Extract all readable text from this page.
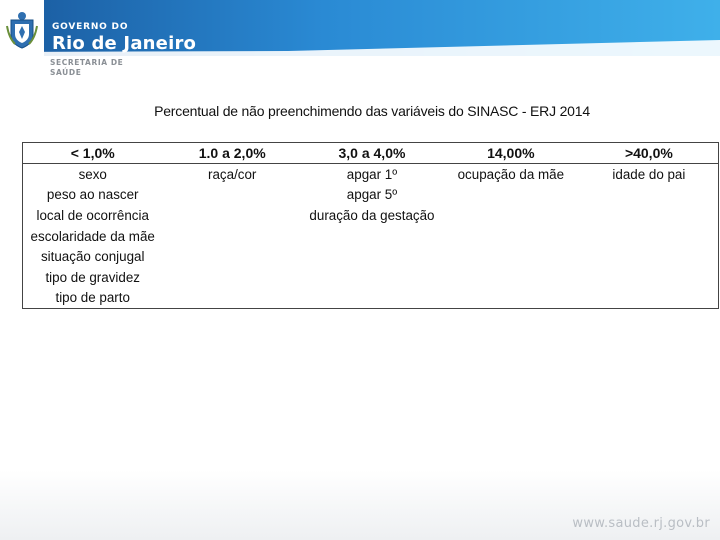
GOVERNO DO
Rio de Janeiro
SECRETARIA DE
SAÚDE
Percentual de não preenchimendo das variáveis do SINASC - ERJ 2014
< 1,0%	1.0 a 2,0%	3,0 a 4,0%	14,00%	>40,0%
sexo	raça/cor	apgar 1º	ocupação da mãe	idade do pai
peso ao nascer		apgar 5º		
local de ocorrência		duração da gestação		
escolaridade da mãe				
situação conjugal				
tipo de gravidez				
tipo de parto				
www.saude.rj.gov.br
